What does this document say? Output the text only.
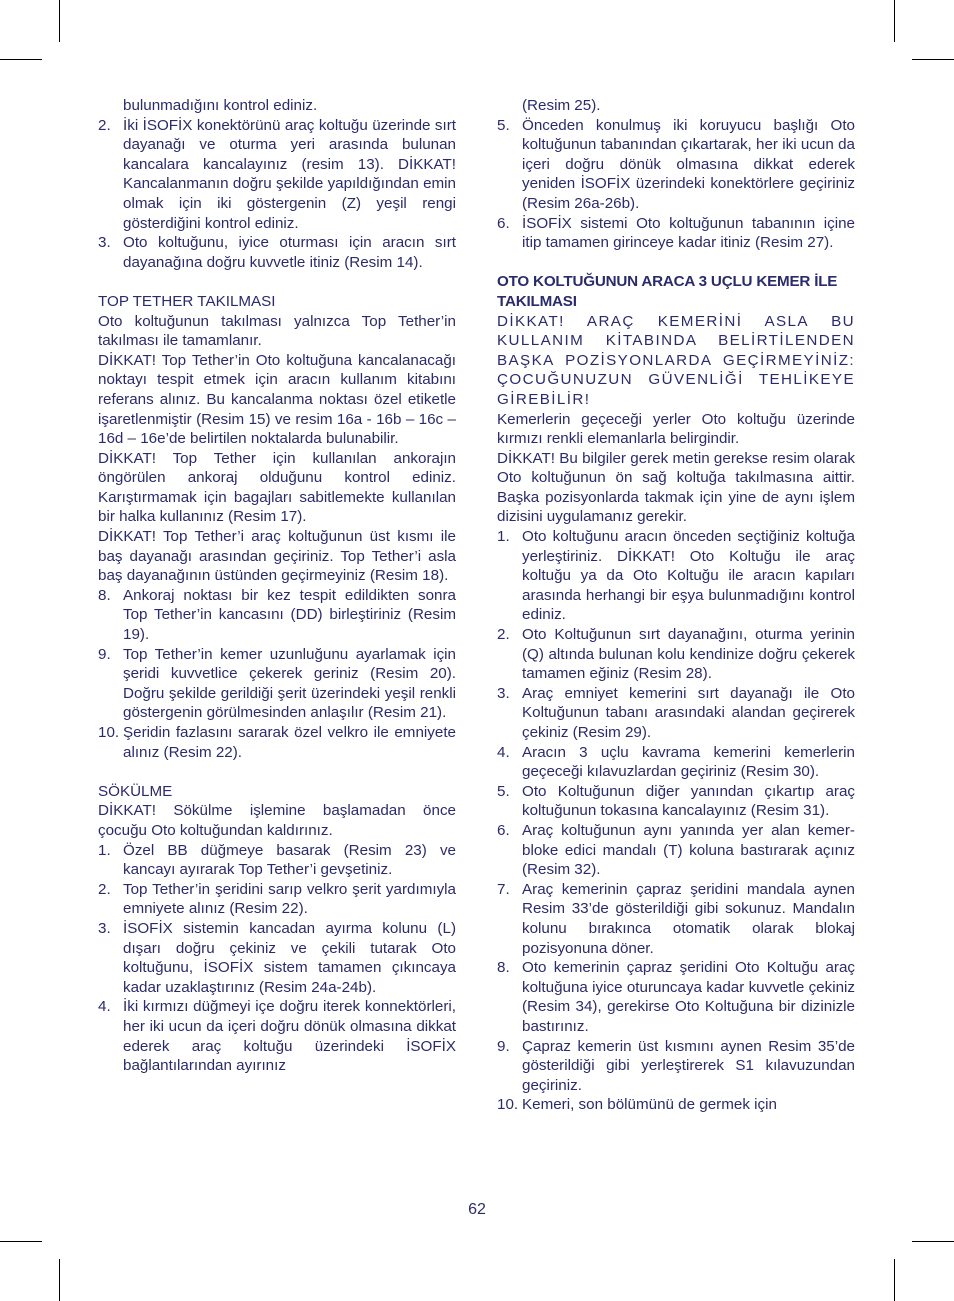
bulunmadığını kontrol ediniz.

2. İki İSOFİX konektörünü araç koltuğu üzerinde sırt dayanağı ve oturma yeri arasında bulunan kancalara kancalayınız (resim 13). DİKKAT! Kancalanmanın doğru şekilde yapıldığından emin olmak için iki göstergenin (Z) yeşil rengi gösterdiğini kontrol ediniz.
3. Oto koltuğunu, iyice oturması için aracın sırt dayanağına doğru kuvvetle itiniz (Resim 14).

TOP TETHER TAKILMASI

Oto koltuğunun takılması yalnızca Top Tether’in takılması ile tamamlanır.

DİKKAT! Top Tether’in Oto koltuğuna kancalanacağı noktayı tespit etmek için aracın kullanım kitabını referans alınız. Bu kancalanma noktası özel etiketle işaretlenmiştir (Resim 15) ve resim 16a - 16b – 16c – 16d – 16e’de belirtilen noktalarda bulunabilir.

DİKKAT! Top Tether için kullanılan ankorajın öngörülen ankoraj olduğunu kontrol ediniz. Karıştırmamak için bagajları sabitlemekte kullanılan bir halka kullanınız (Resim 17).

DİKKAT! Top Tether’i araç koltuğunun üst kısmı ile baş dayanağı arasından geçiriniz. Top Tether’i asla baş dayanağının üstünden geçirmeyiniz (Resim 18).

8. Ankoraj noktası bir kez tespit edildikten sonra Top Tether’in kancasını (DD) birleştiriniz (Resim 19).
9. Top Tether’in kemer uzunluğunu ayarlamak için şeridi kuvvetlice çekerek geriniz (Resim 20). Doğru şekilde gerildiği şerit üzerindeki yeşil renkli göstergenin görülmesinden anlaşılır (Resim 21).
10. Şeridin fazlasını sararak özel velkro ile emniyete alınız (Resim 22).

SÖKÜLME

DİKKAT! Sökülme işlemine başlamadan önce çocuğu Oto koltuğundan kaldırınız.

1. Özel BB düğmeye basarak (Resim 23) ve kancayı ayırarak Top Tether’i gevşetiniz.
2. Top Tether’in şeridini sarıp velkro şerit yardımıyla emniyete alınız (Resim 22).
3. İSOFİX sistemin kancadan ayırma kolunu (L) dışarı doğru çekiniz ve çekili tutarak Oto koltuğunu, İSOFİX sistem tamamen çıkıncaya kadar uzaklaştırınız (Resim 24a-24b).
4. İki kırmızı düğmeyi içe doğru iterek konnektörleri, her iki ucun da içeri doğru dönük olmasına dikkat ederek araç koltuğu üzerindeki İSOFİX bağlantılarından ayırınız

(Resim 25).

5. Önceden konulmuş iki koruyucu başlığı Oto koltuğunun tabanından çıkartarak, her iki ucun da içeri doğru dönük olmasına dikkat ederek yeniden İSOFİX üzerindeki konektörlere geçiriniz (Resim 26a-26b).
6. İSOFİX sistemi Oto koltuğunun tabanının içine itip tamamen girinceye kadar itiniz (Resim 27).

OTO KOLTUĞUNUN ARACA 3 UÇLU KEMER İLE TAKILMASI

DİKKAT! ARAÇ KEMERİNİ ASLA BU KULLANIM KİTABINDA BELİRTİLENDEN BAŞKA POZİSYONLARDA GEÇİRMEYİNİZ: ÇOCUĞUNUZUN GÜVENLİĞİ TEHLİKEYE GİREBİLİR!

Kemerlerin geçeceği yerler Oto koltuğu üzerinde kırmızı renkli elemanlarla belirgindir.

DİKKAT! Bu bilgiler gerek metin gerekse resim olarak Oto koltuğunun ön sağ koltuğa takılmasına aittir. Başka pozisyonlarda takmak için yine de aynı işlem dizisini uygulamanız gerekir.

1. Oto koltuğunu aracın önceden seçtiğiniz koltuğa yerleştiriniz. DİKKAT! Oto Koltuğu ile araç koltuğu ya da Oto Koltuğu ile aracın kapıları arasında herhangi bir eşya bulunmadığını kontrol ediniz.
2. Oto Koltuğunun sırt dayanağını, oturma yerinin (Q) altında bulunan kolu kendinize doğru çekerek tamamen eğiniz (Resim 28).
3. Araç emniyet kemerini sırt dayanağı ile Oto Koltuğunun tabanı arasındaki alandan geçirerek çekiniz (Resim 29).
4. Aracın 3 uçlu kavrama kemerini kemerlerin geçeceği kılavuzlardan geçiriniz (Resim 30).
5. Oto Koltuğunun diğer yanından çıkartıp araç koltuğunun tokasına kancalayınız (Resim 31).
6. Araç koltuğunun aynı yanında yer alan kemer-bloke edici mandalı (T) koluna bastırarak açınız (Resim 32).
7. Araç kemerinin çapraz şeridini mandala aynen Resim 33’de gösterildiği gibi sokunuz. Mandalın kolunu bırakınca otomatik olarak blokaj pozisyonuna döner.
8. Oto kemerinin çapraz şeridini Oto Koltuğu araç koltuğuna iyice oturuncaya kadar kuvvetle çekiniz (Resim 34), gerekirse Oto Koltuğuna bir dizinizle bastırınız.
9. Çapraz kemerin üst kısmını aynen Resim 35’de gösterildiği gibi yerleştirerek S1 kılavuzundan geçiriniz.
10. Kemeri, son bölümünü de germek için
62
